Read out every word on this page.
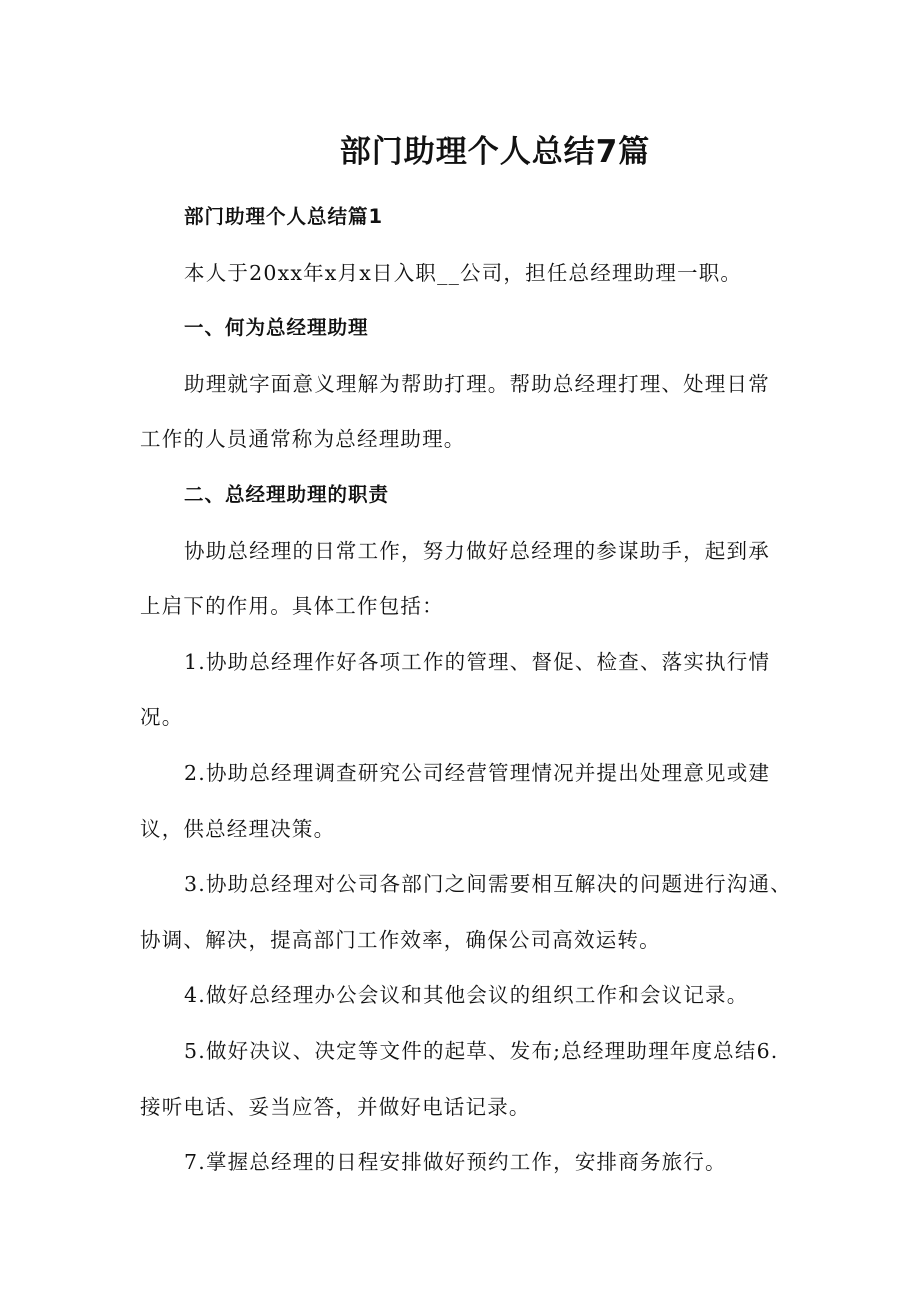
部门助理个人总结7篇

部门助理个人总结篇1

本人于20xx年x月x日入职__公司，担任总经理助理一职。

一、何为总经理助理

助理就字面意义理解为帮助打理。帮助总经理打理、处理日常

工作的人员通常称为总经理助理。

二、总经理助理的职责

协助总经理的日常工作，努力做好总经理的参谋助手，起到承

上启下的作用。具体工作包括：

1.协助总经理作好各项工作的管理、督促、检查、落实执行情

况。

2.协助总经理调查研究公司经营管理情况并提出处理意见或建

议，供总经理决策。

3.协助总经理对公司各部门之间需要相互解决的问题进行沟通、

协调、解决，提高部门工作效率，确保公司高效运转。

4.做好总经理办公会议和其他会议的组织工作和会议记录。

5.做好决议、决定等文件的起草、发布;总经理助理年度总结6.

接听电话、妥当应答，并做好电话记录。

7.掌握总经理的日程安排做好预约工作，安排商务旅行。
